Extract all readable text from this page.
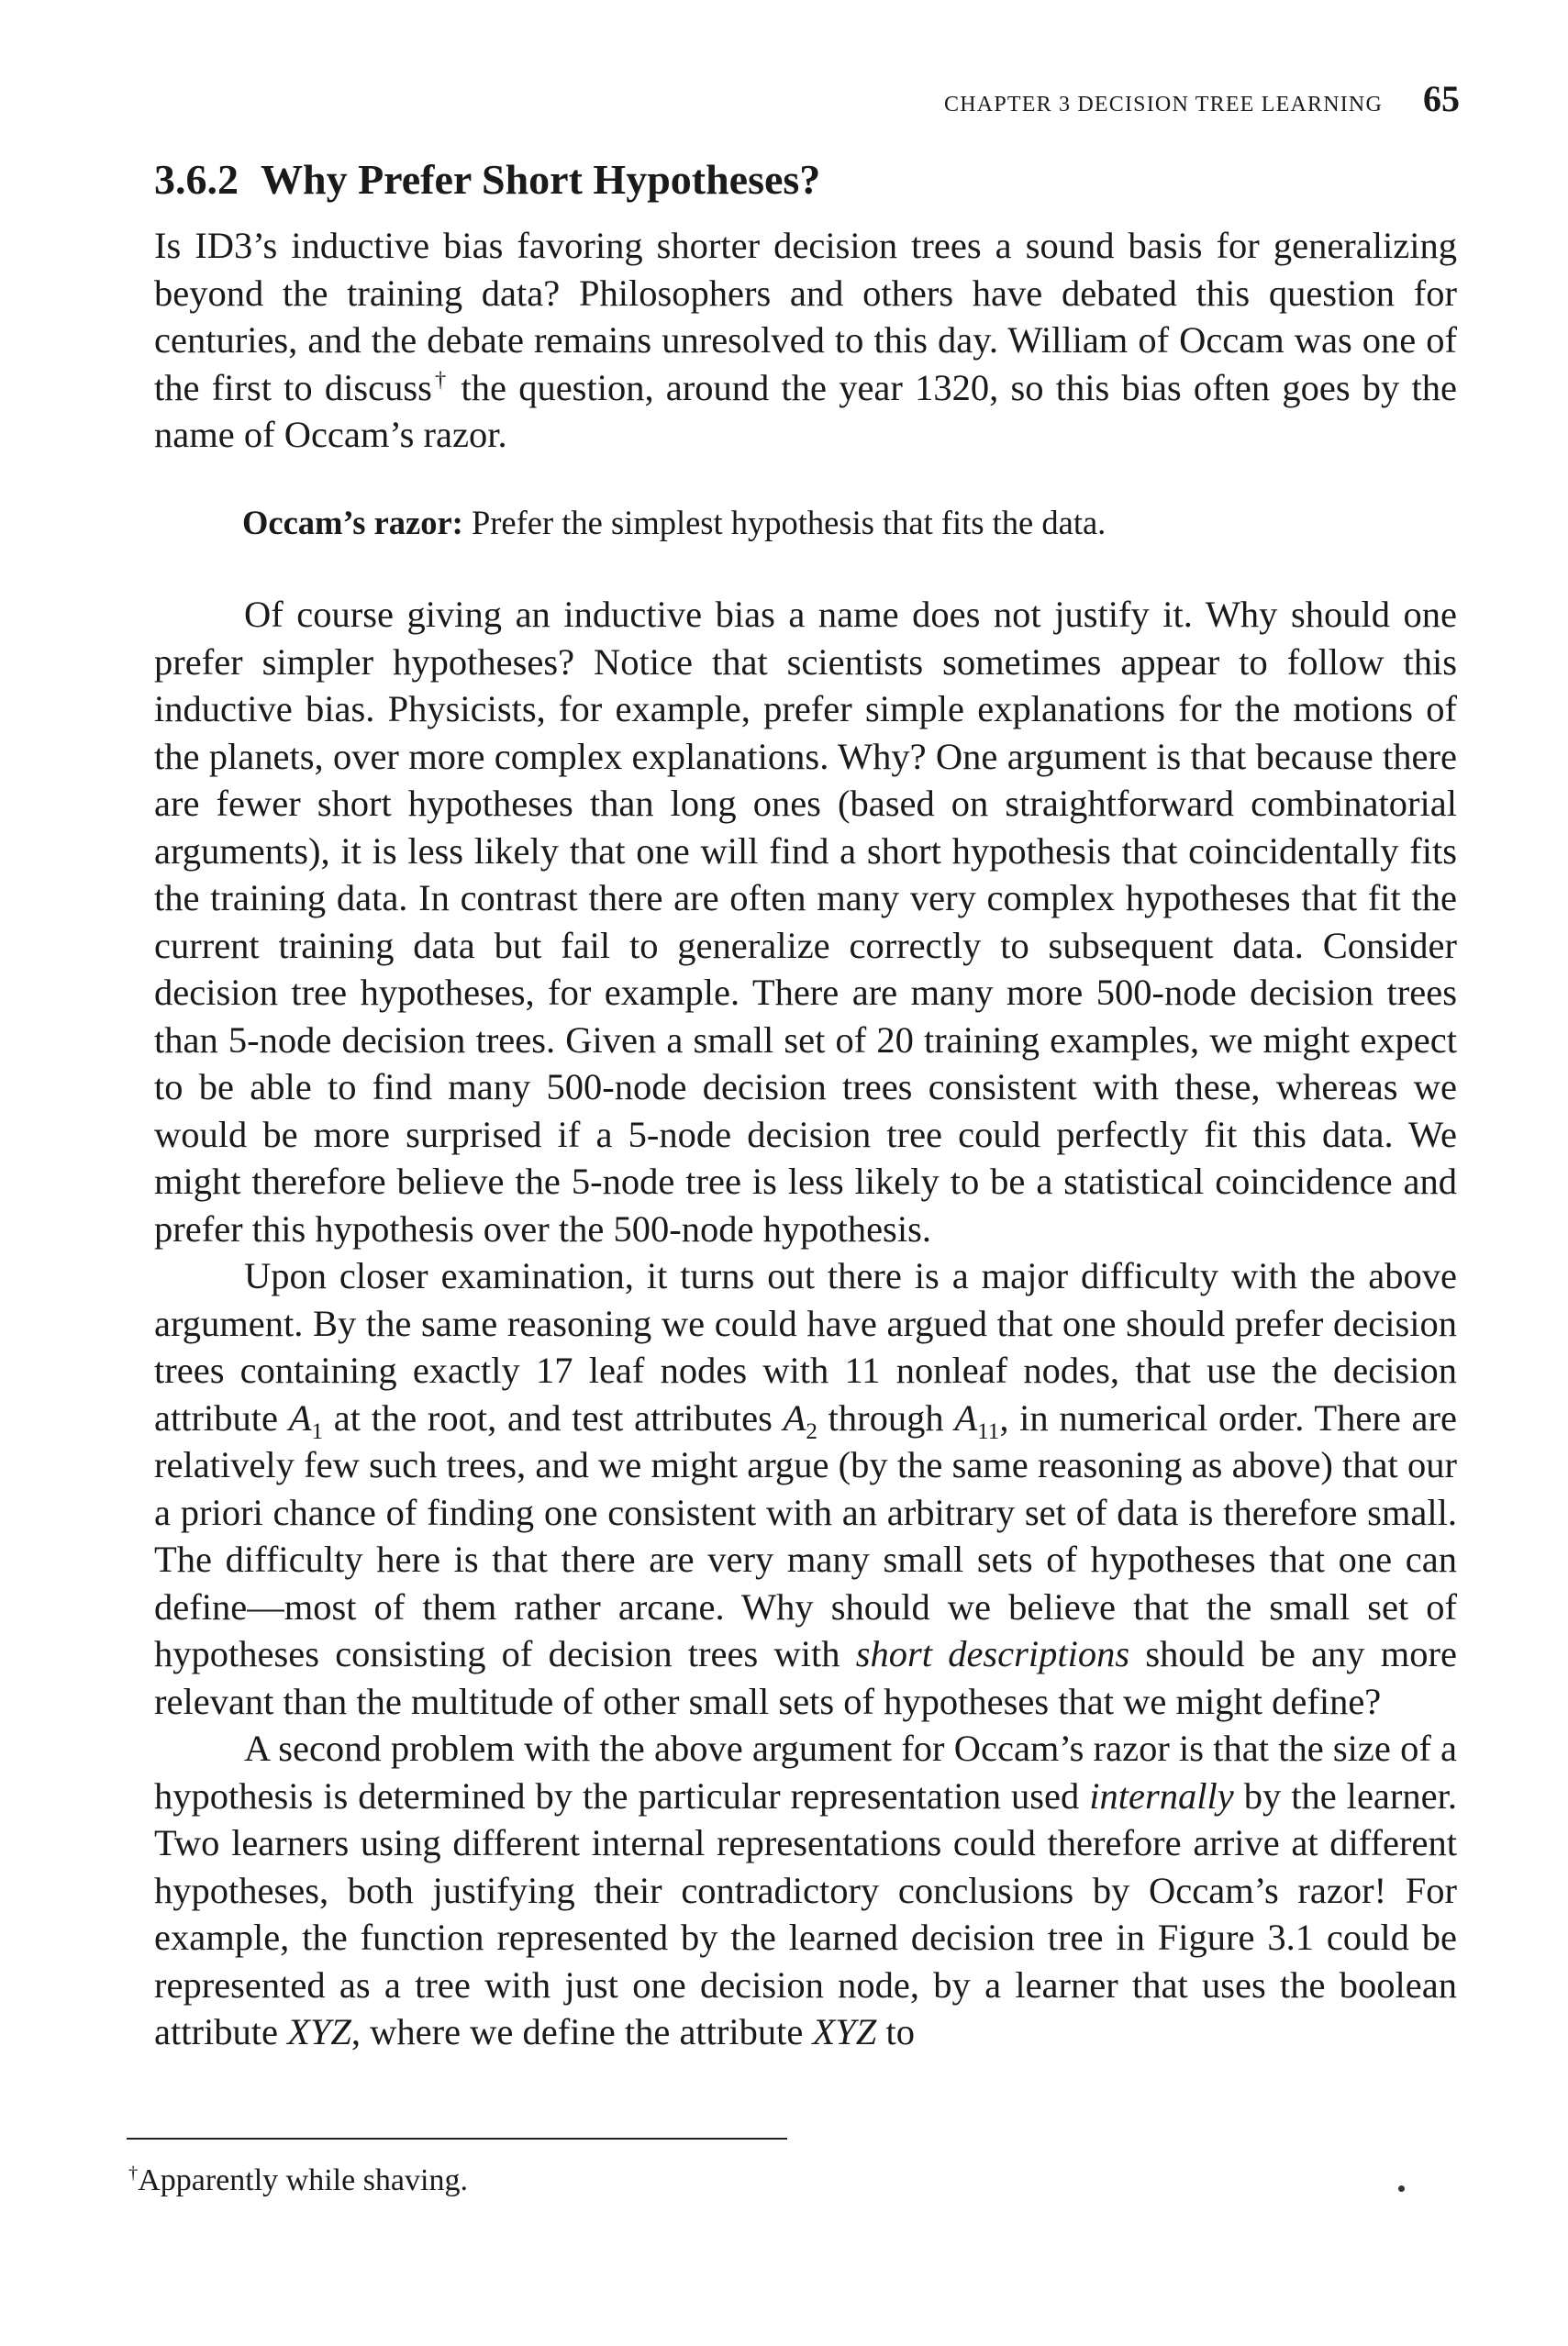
CHAPTER 3 DECISION TREE LEARNING 65
3.6.2 Why Prefer Short Hypotheses?

Is ID3’s inductive bias favoring shorter decision trees a sound basis for generalizing beyond the training data? Philosophers and others have debated this question for centuries, and the debate remains unresolved to this day. William of Occam was one of the first to discuss† the question, around the year 1320, so this bias often goes by the name of Occam’s razor.

Occam’s razor: Prefer the simplest hypothesis that fits the data.

Of course giving an inductive bias a name does not justify it. Why should one prefer simpler hypotheses? Notice that scientists sometimes appear to follow this inductive bias. Physicists, for example, prefer simple explanations for the motions of the planets, over more complex explanations. Why? One argument is that because there are fewer short hypotheses than long ones (based on straightforward combinatorial arguments), it is less likely that one will find a short hypothesis that coincidentally fits the training data. In contrast there are often many very complex hypotheses that fit the current training data but fail to generalize correctly to subsequent data. Consider decision tree hypotheses, for example. There are many more 500-node decision trees than 5-node decision trees. Given a small set of 20 training examples, we might expect to be able to find many 500-node decision trees consistent with these, whereas we would be more surprised if a 5-node decision tree could perfectly fit this data. We might therefore believe the 5-node tree is less likely to be a statistical coincidence and prefer this hypothesis over the 500-node hypothesis.

Upon closer examination, it turns out there is a major difficulty with the above argument. By the same reasoning we could have argued that one should prefer decision trees containing exactly 17 leaf nodes with 11 nonleaf nodes, that use the decision attribute $A_1$ at the root, and test attributes $A_2$ through $A_{11}$, in numerical order. There are relatively few such trees, and we might argue (by the same reasoning as above) that our a priori chance of finding one consistent with an arbitrary set of data is therefore small. The difficulty here is that there are very many small sets of hypotheses that one can define—most of them rather arcane. Why should we believe that the small set of hypotheses consisting of decision trees with short descriptions should be any more relevant than the multitude of other small sets of hypotheses that we might define?

A second problem with the above argument for Occam’s razor is that the size of a hypothesis is determined by the particular representation used internally by the learner. Two learners using different internal representations could therefore arrive at different hypotheses, both justifying their contradictory conclusions by Occam’s razor! For example, the function represented by the learned decision tree in Figure 3.1 could be represented as a tree with just one decision node, by a learner that uses the boolean attribute XYZ, where we define the attribute XYZ to

†Apparently while shaving.
